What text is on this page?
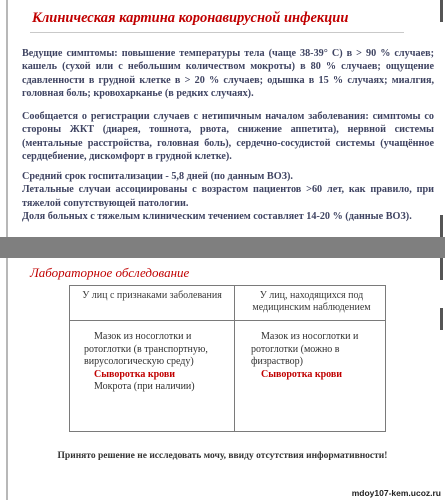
Клиническая картина коронавирусной инфекции
Ведущие симптомы: повышение температуры тела (чаще 38-39° С) в > 90 % случаев; кашель (сухой или с небольшим количеством мокроты) в 80 % случаев; ощущение сдавленности в грудной клетке в > 20 % случаев; одышка в 15 % случаях; миалгия, головная боль; кровохарканье (в редких случаях).
Сообщается о регистрации случаев с нетипичным началом заболевания: симптомы со стороны ЖКТ (диарея, тошнота, рвота, снижение аппетита), нервной системы (ментальные расстройства, головная боль), сердечно-сосудистой системы (учащённое сердцебиение, дискомфорт в грудной клетке).
Средний срок госпитализации - 5,8 дней (по данным ВОЗ).
Летальные случаи ассоциированы с возрастом пациентов >60 лет, как правило, при тяжелой сопутствующей патологии.
Доля больных с тяжелым клиническим течением составляет 14-20 % (данные ВОЗ).
Лабораторное обследование
У лиц с признаками заболевания	У лиц, находящихся под медицинским наблюдением
Мазок из носоглотки и ротоглотки (в транспортную, вирусологическую среду)
Сыворотка крови
Мокрота (при наличии)
Мазок из носоглотки и ротоглотки (можно в физраствор)
Сыворотка крови
Принято решение не исследовать мочу, ввиду отсутствия информативности!
mdoy107-kem.ucoz.ru
